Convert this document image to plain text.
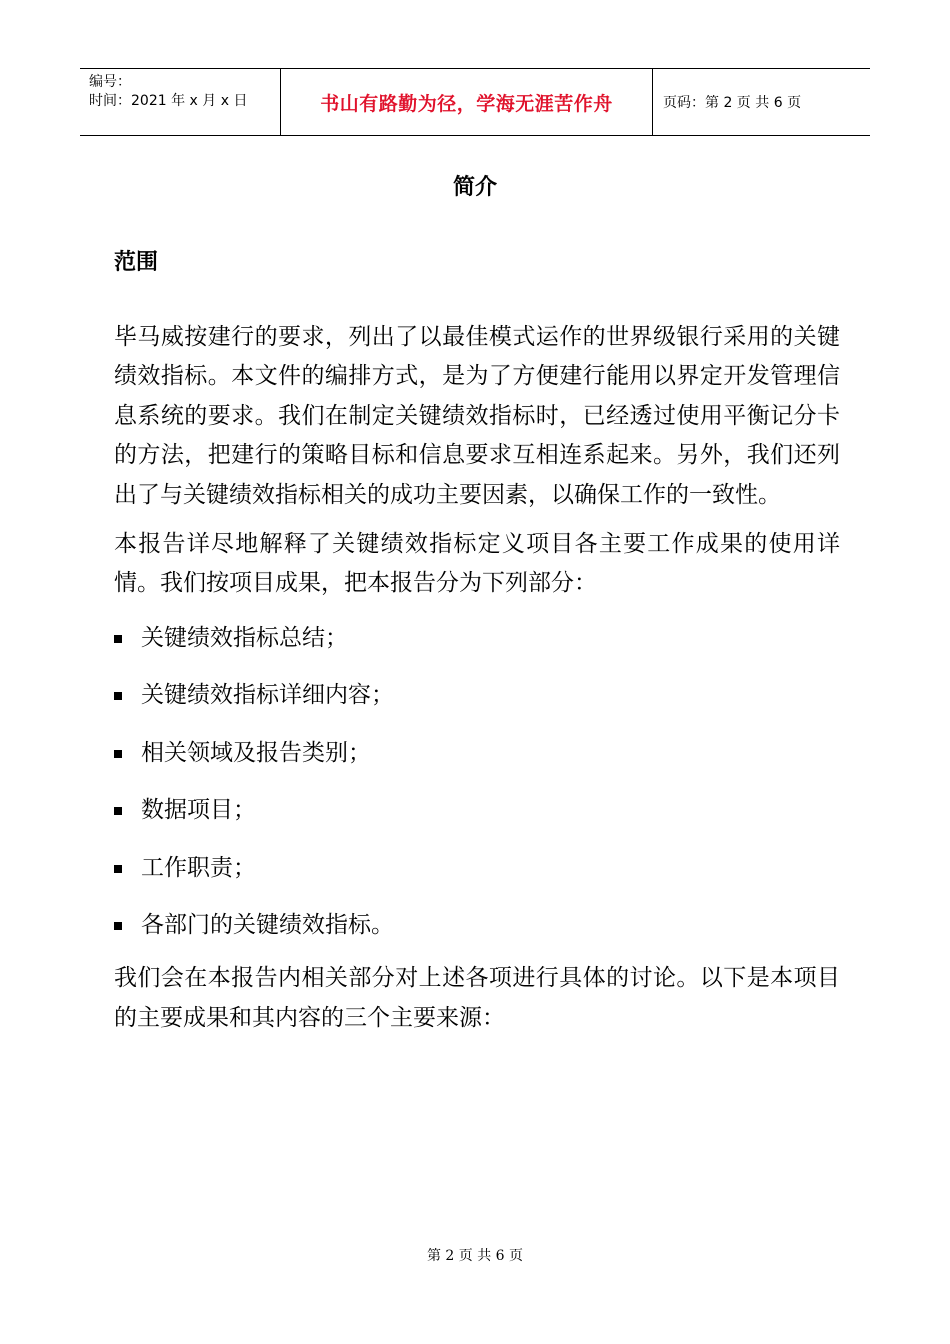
编号：
时间：2021 年 x 月 x 日	书山有路勤为径，学海无涯苦作舟	页码：第 2 页 共 6 页
简介
范围

毕马威按建行的要求，列出了以最佳模式运作的世界级银行采用的关键绩效指标。本文件的编排方式，是为了方便建行能用以界定开发管理信息系统的要求。我们在制定关键绩效指标时，已经透过使用平衡记分卡的方法，把建行的策略目标和信息要求互相连系起来。另外，我们还列出了与关键绩效指标相关的成功主要因素，以确保工作的一致性。

本报告详尽地解释了关键绩效指标定义项目各主要工作成果的使用详情。我们按项目成果，把本报告分为下列部分：

关键绩效指标总结；
关键绩效指标详细内容；
相关领域及报告类别；
数据项目；
工作职责；
各部门的关键绩效指标。

我们会在本报告内相关部分对上述各项进行具体的讨论。以下是本项目的主要成果和其内容的三个主要来源：

第 2 页 共 6 页
